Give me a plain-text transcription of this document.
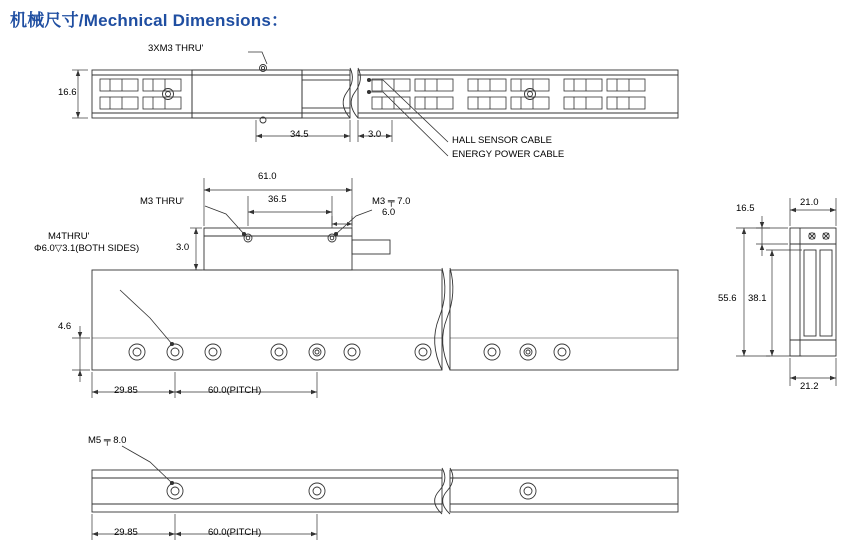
机械尺寸/Mechnical Dimensions：
3XM3 THRU'
16.6
34.5	3.0
HALL SENSOR CABLE
ENERGY POWER CABLE
61.0
36.5
M3 THRU'	M3 ╤ 7.0
6.0
3.0
M4THRU'
Φ6.0▽3.1(BOTH SIDES)
4.6
29.85	60.0(PITCH)
21.0
16.5
55.6 38.1
21.2
M5 ╤ 8.0
29.85	60.0(PITCH)
